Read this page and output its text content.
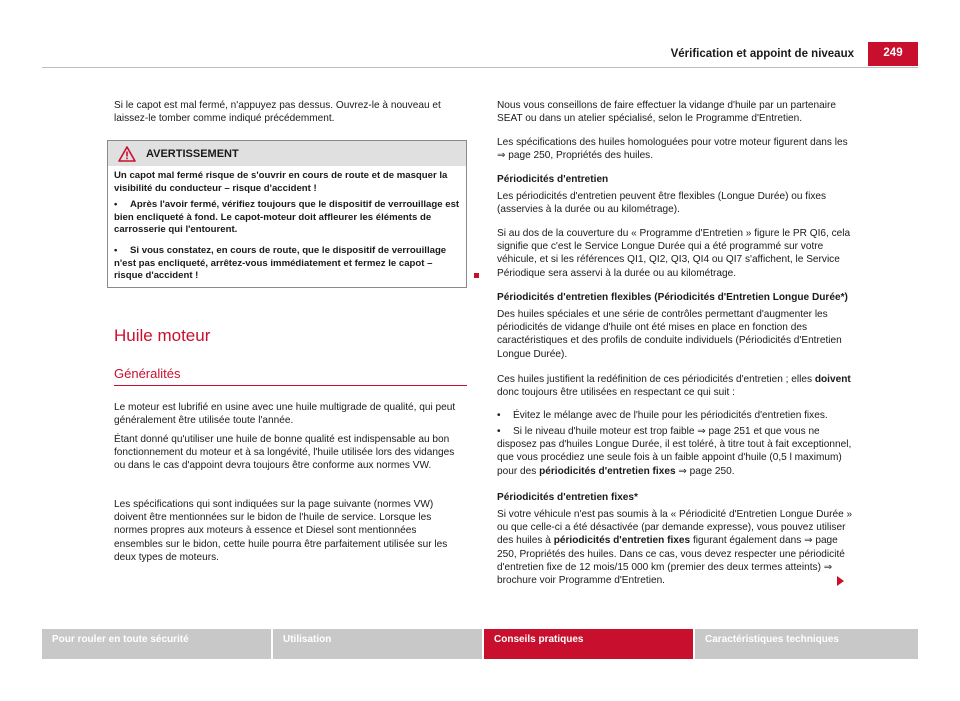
Vérification et appoint de niveaux	249

Si le capot est mal fermé, n'appuyez pas dessus. Ouvrez-le à nouveau et laissez-le tomber comme indiqué précédemment.

AVERTISSEMENT

Un capot mal fermé risque de s'ouvrir en cours de route et de masquer la visibilité du conducteur – risque d'accident !

• Après l'avoir fermé, vérifiez toujours que le dispositif de verrouillage est bien encliqueté à fond. Le capot-moteur doit affleurer les éléments de carrosserie qui l'entourent.

• Si vous constatez, en cours de route, que le dispositif de verrouillage n'est pas encliqueté, arrêtez-vous immédiatement et fermez le capot – risque d'accident !

Huile moteur
Généralités

Le moteur est lubrifié en usine avec une huile multigrade de qualité, qui peut généralement être utilisée toute l'année.

Étant donné qu'utiliser une huile de bonne qualité est indispensable au bon fonctionnement du moteur et à sa longévité, l'huile utilisée lors des vidanges ou dans le cas d'appoint devra toujours être conforme aux normes VW.

Les spécifications qui sont indiquées sur la page suivante (normes VW) doivent être mentionnées sur le bidon de l'huile de service. Lorsque les normes propres aux moteurs à essence et Diesel sont mentionnées ensembles sur le bidon, cette huile pourra être parfaitement utilisée sur les deux types de moteurs.

Nous vous conseillons de faire effectuer la vidange d'huile par un partenaire SEAT ou dans un atelier spécialisé, selon le Programme d'Entretien.

Les spécifications des huiles homologuées pour votre moteur figurent dans les ⇒ page 250, Propriétés des huiles.

Périodicités d'entretien

Les périodicités d'entretien peuvent être flexibles (Longue Durée) ou fixes (asservies à la durée ou au kilométrage).

Si au dos de la couverture du « Programme d'Entretien » figure le PR QI6, cela signifie que c'est le Service Longue Durée qui a été programmé sur votre véhicule, et si les références QI1, QI2, QI3, QI4 ou QI7 s'affichent, le Service Périodique sera asservi à la durée ou au kilométrage.

Périodicités d'entretien flexibles (Périodicités d'Entretien Longue Durée*)

Des huiles spéciales et une série de contrôles permettant d'augmenter les périodicités de vidange d'huile ont été mises en place en fonction des caractéristiques et des profils de conduite individuels (Périodicités d'Entretien Longue Durée).

Ces huiles justifient la redéfinition de ces périodicités d'entretien ; elles doivent donc toujours être utilisées en respectant ce qui suit :

• Évitez le mélange avec de l'huile pour les périodicités d'entretien fixes.

• Si le niveau d'huile moteur est trop faible ⇒ page 251 et que vous ne disposez pas d'huiles Longue Durée, il est toléré, à titre tout à fait exceptionnel, que vous procédiez une seule fois à un faible appoint d'huile (0,5 l maximum) pour des périodicités d'entretien fixes ⇒ page 250.

Périodicités d'entretien fixes*

Si votre véhicule n'est pas soumis à la « Périodicité d'Entretien Longue Durée » ou que celle-ci a été désactivée (par demande expresse), vous pouvez utiliser des huiles à périodicités d'entretien fixes figurant également dans ⇒ page 250, Propriétés des huiles. Dans ce cas, vous devez respecter une périodicité d'entretien fixe de 12 mois/15 000 km (premier des deux termes atteints) ⇒ brochure voir Programme d'Entretien.

Pour rouler en toute sécurité	Utilisation	Conseils pratiques	Caractéristiques techniques
